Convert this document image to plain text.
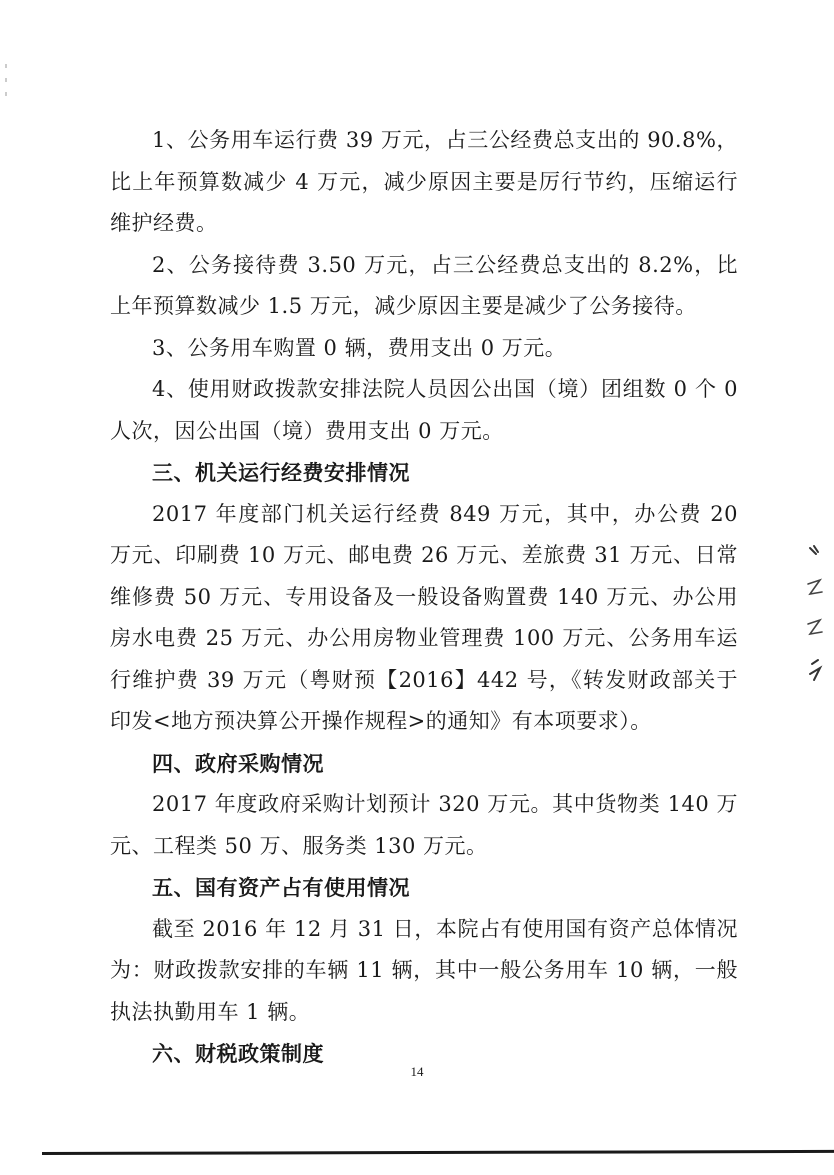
1、公务用车运行费 39 万元，占三公经费总支出的 90.8%，比上年预算数减少 4 万元，减少原因主要是厉行节约，压缩运行维护经费。

2、公务接待费 3.50 万元，占三公经费总支出的 8.2%，比上年预算数减少 1.5 万元，减少原因主要是减少了公务接待。

3、公务用车购置 0 辆，费用支出 0 万元。

4、使用财政拨款安排法院人员因公出国（境）团组数 0 个 0 人次，因公出国（境）费用支出 0 万元。

三、机关运行经费安排情况

2017 年度部门机关运行经费 849 万元，其中，办公费 20 万元、印刷费 10 万元、邮电费 26 万元、差旅费 31 万元、日常维修费 50 万元、专用设备及一般设备购置费 140 万元、办公用房水电费 25 万元、办公用房物业管理费 100 万元、公务用车运行维护费 39 万元（粤财预【2016】442 号，《转发财政部关于印发<地方预决算公开操作规程>的通知》有本项要求）。

四、政府采购情况

2017 年度政府采购计划预计 320 万元。其中货物类 140 万元、工程类 50 万、服务类 130 万元。

五、国有资产占有使用情况

截至 2016 年 12 月 31 日，本院占有使用国有资产总体情况为：财政拨款安排的车辆 11 辆，其中一般公务用车 10 辆，一般执法执勤用车 1 辆。

六、财税政策制度

14
